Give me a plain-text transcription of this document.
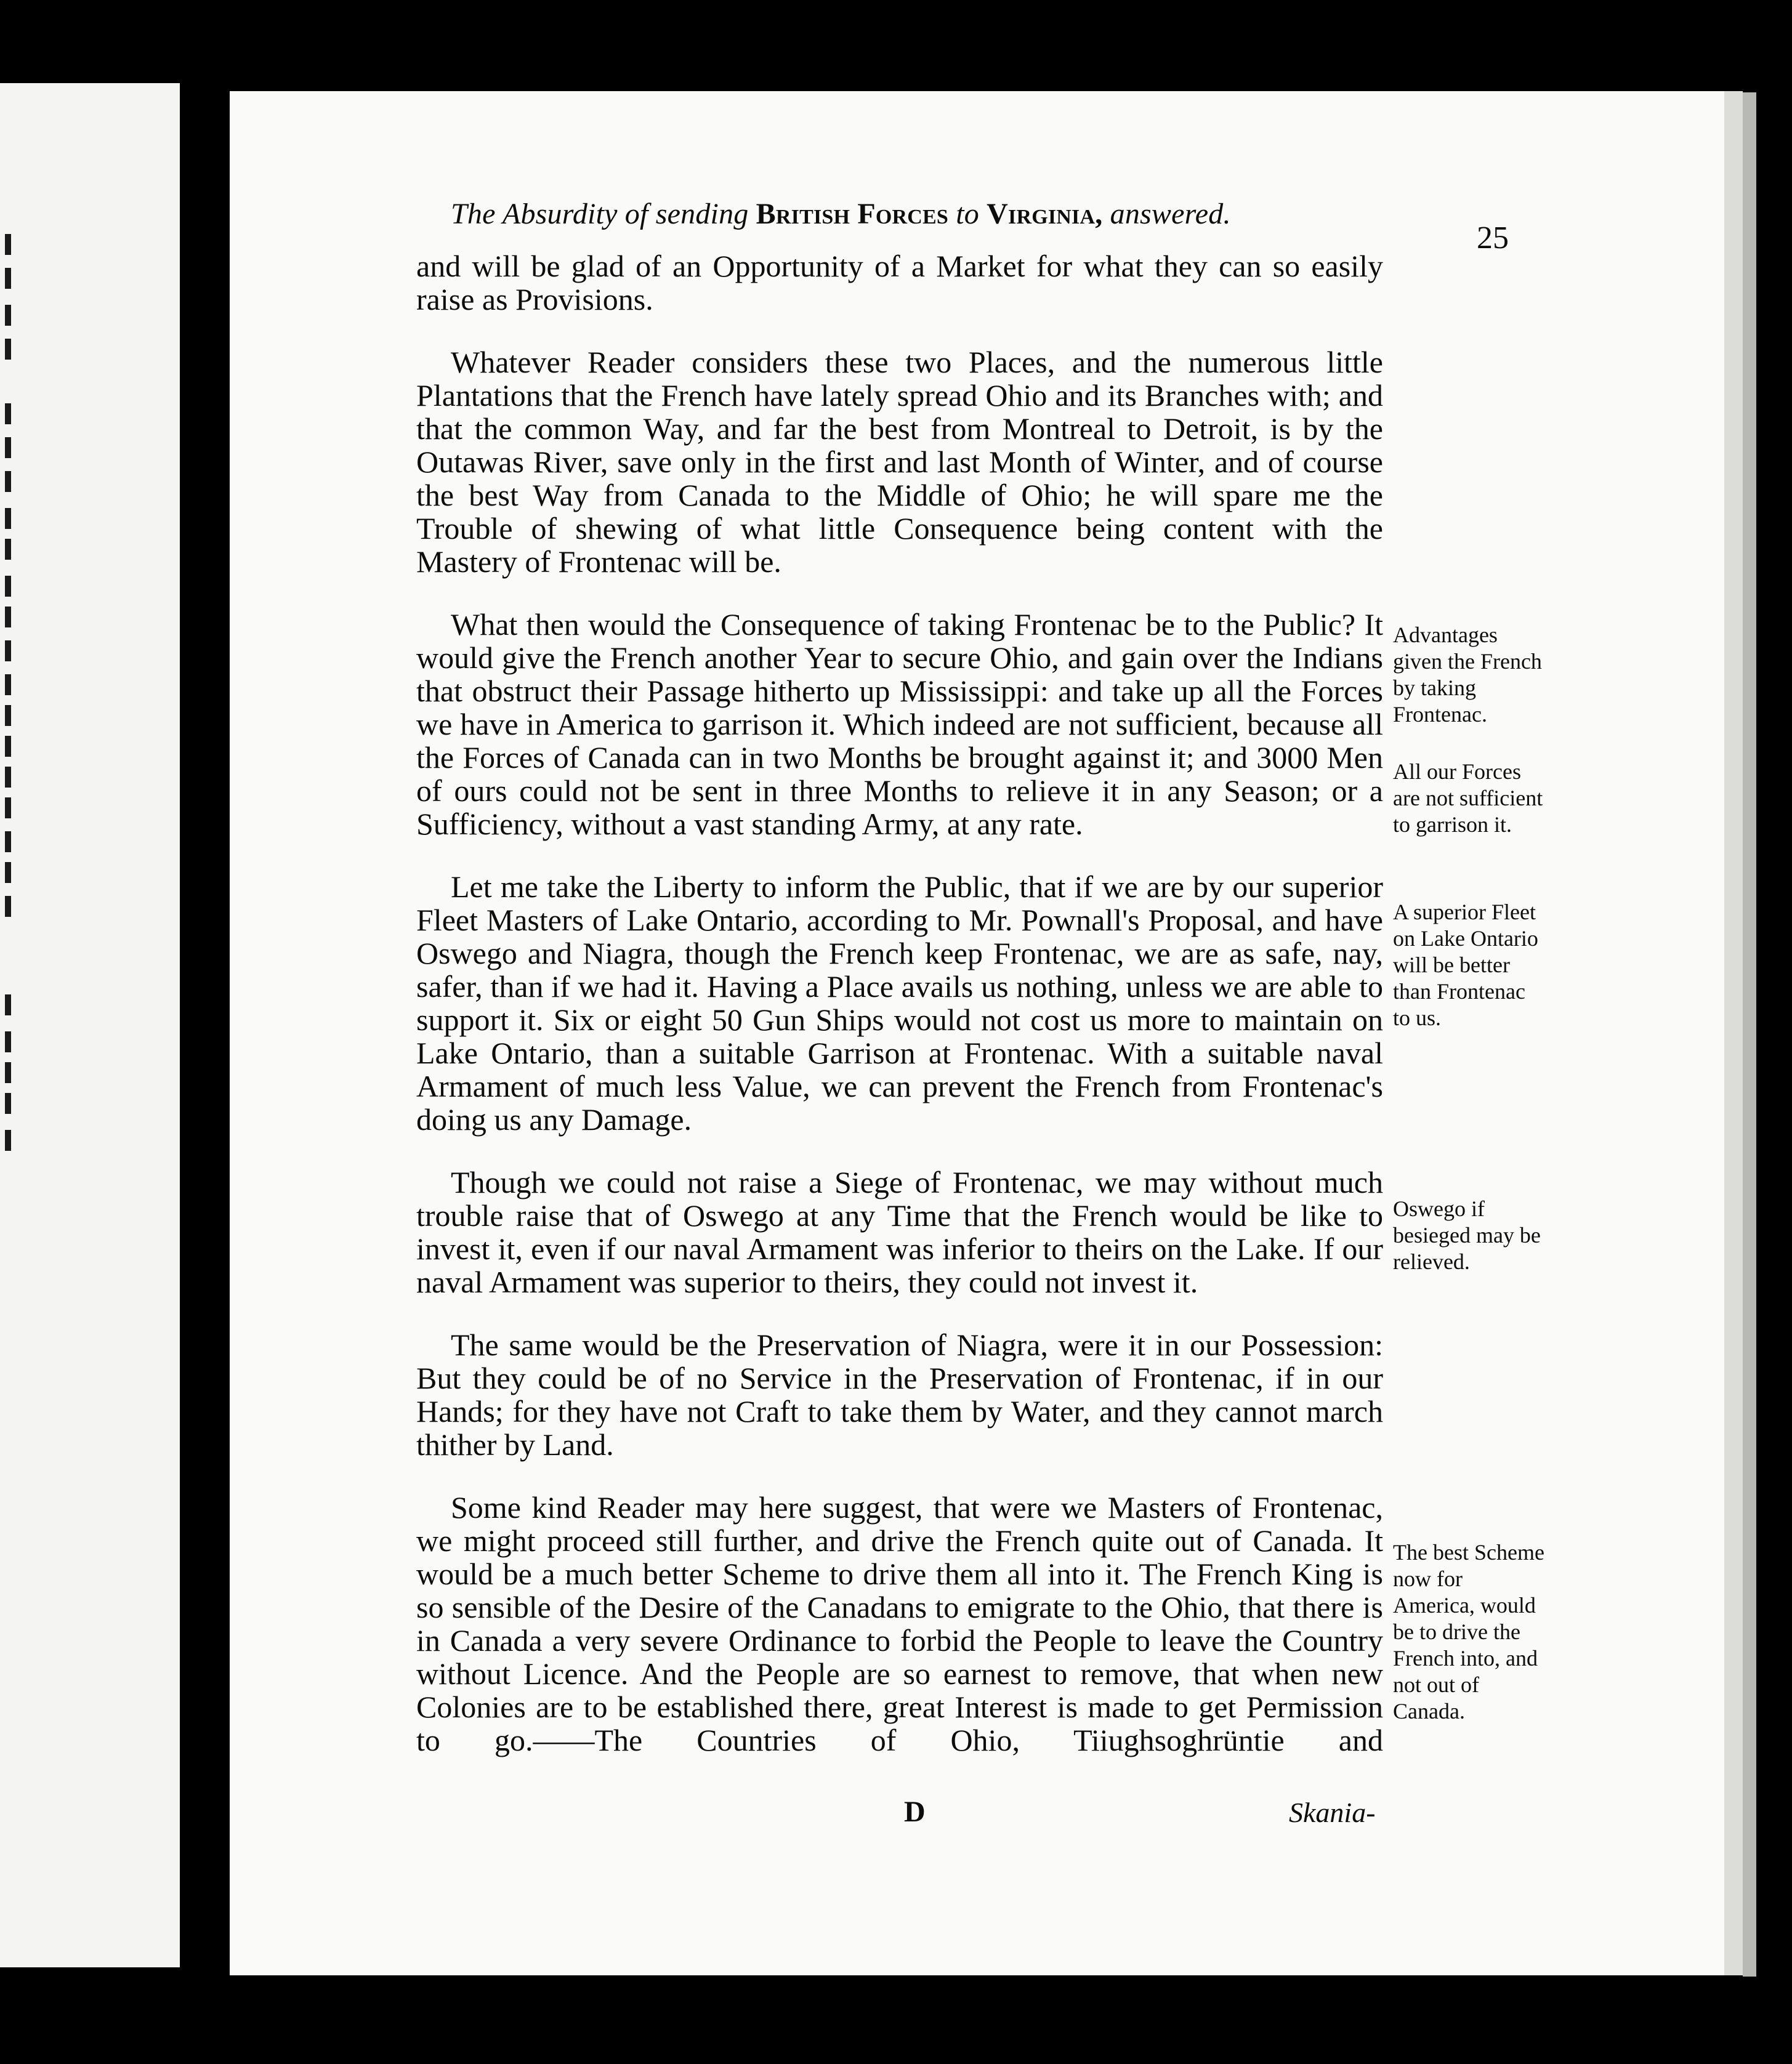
The Absurdity of sending British Forces to Virginia, answered.
25

and will be glad of an Opportunity of a Market for what they can so easily raise as Provisions.

Whatever Reader considers these two Places, and the numerous little Plantations that the French have lately spread Ohio and its Branches with; and that the common Way, and far the best from Montreal to Detroit, is by the Outawas River, save only in the first and last Month of Winter, and of course the best Way from Canada to the Middle of Ohio; he will spare me the Trouble of shewing of what little Consequence being content with the Mastery of Frontenac will be.

What then would the Consequence of taking Frontenac be to the Public? It would give the French another Year to secure Ohio, and gain over the Indians that obstruct their Passage hitherto up Mississippi: and take up all the Forces we have in America to garrison it. Which indeed are not sufficient, because all the Forces of Canada can in two Months be brought against it; and 3000 Men of ours could not be sent in three Months to relieve it in any Season; or a Sufficiency, without a vast standing Army, at any rate.

Let me take the Liberty to inform the Public, that if we are by our superior Fleet Masters of Lake Ontario, according to Mr. Pownall's Proposal, and have Oswego and Niagra, though the French keep Frontenac, we are as safe, nay, safer, than if we had it. Having a Place avails us nothing, unless we are able to support it. Six or eight 50 Gun Ships would not cost us more to maintain on Lake Ontario, than a suitable Garrison at Frontenac. With a suitable naval Armament of much less Value, we can prevent the French from Frontenac's doing us any Damage.

Though we could not raise a Siege of Frontenac, we may without much trouble raise that of Oswego at any Time that the French would be like to invest it, even if our naval Armament was inferior to theirs on the Lake. If our naval Armament was superior to theirs, they could not invest it.

The same would be the Preservation of Niagra, were it in our Possession: But they could be of no Service in the Preservation of Frontenac, if in our Hands; for they have not Craft to take them by Water, and they cannot march thither by Land.

Some kind Reader may here suggest, that were we Masters of Frontenac, we might proceed still further, and drive the French quite out of Canada. It would be a much better Scheme to drive them all into it. The French King is so sensible of the Desire of the Canadans to emigrate to the Ohio, that there is in Canada a very severe Ordinance to forbid the People to leave the Country without Licence. And the People are so earnest to remove, that when new Colonies are to be established there, great Interest is made to get Permission to go.——The Countries of Ohio, Tiiughsoghrüntie and

Advantages given the French by taking Frontenac.
All our Forces are not sufficient to garrison it.
A superior Fleet on Lake Ontario will be better than Frontenac to us.
Oswego if besieged may be relieved.
The best Scheme now for America, would be to drive the French into, and not out of Canada.
D	Skania-
